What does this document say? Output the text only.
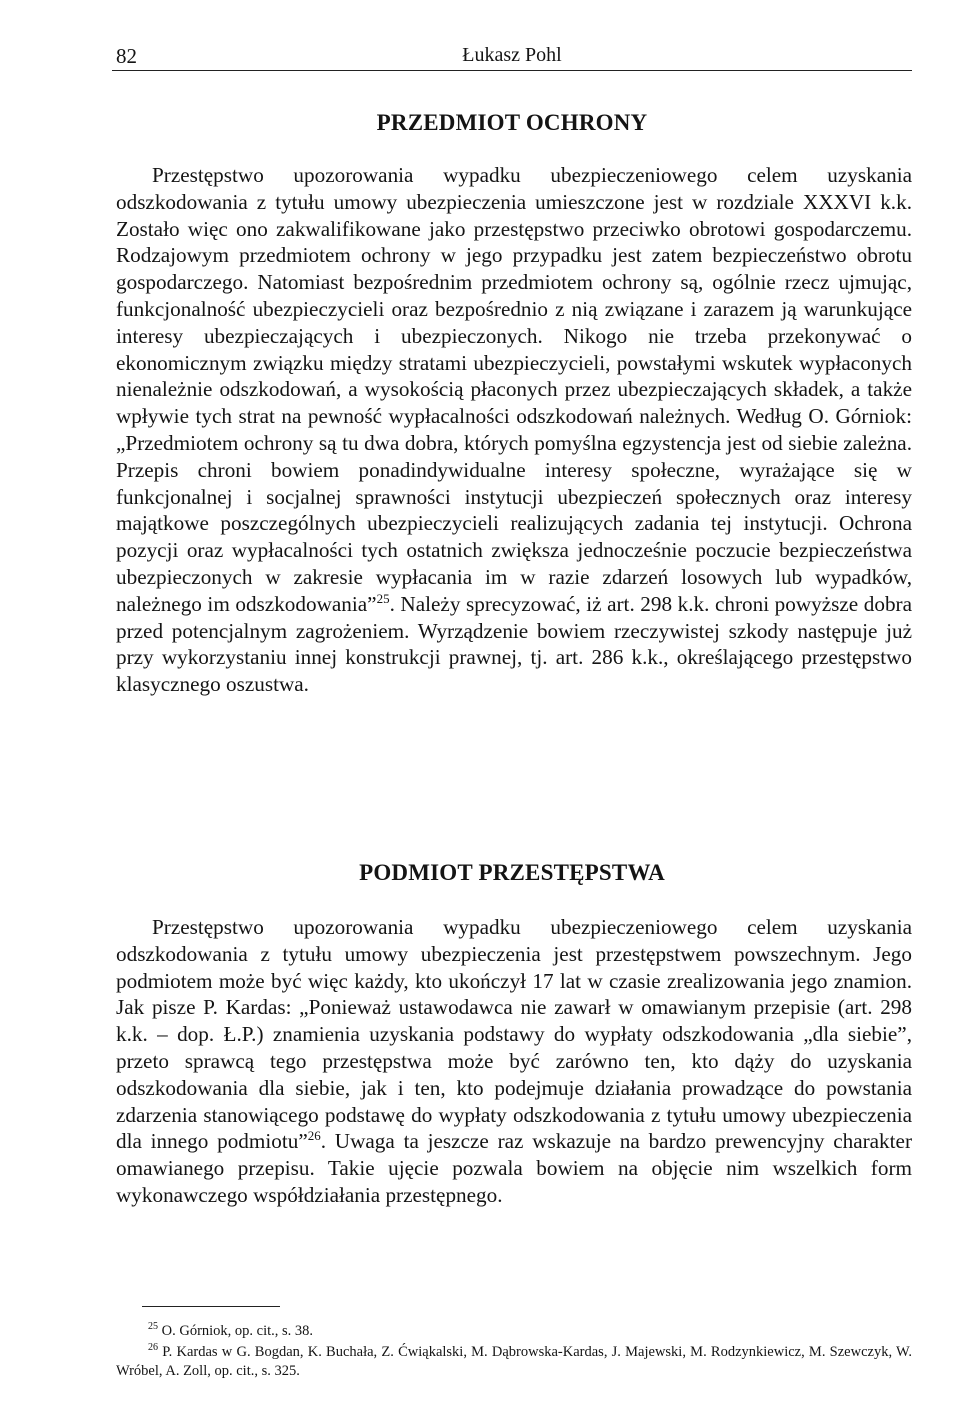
82	Łukasz Pohl
PRZEDMIOT OCHRONY

Przestępstwo upozorowania wypadku ubezpieczeniowego celem uzyskania odszkodowania z tytułu umowy ubezpieczenia umieszczone jest w rozdziale XXXVI k.k. Zostało więc ono zakwalifikowane jako przestępstwo przeciwko obrotowi gospodarczemu. Rodzajowym przedmiotem ochrony w jego przypadku jest zatem bezpieczeństwo obrotu gospodarczego. Natomiast bezpośrednim przedmiotem ochrony są, ogólnie rzecz ujmując, funkcjonalność ubezpieczycieli oraz bezpośrednio z nią związane i zarazem ją warunkujące interesy ubezpieczających i ubezpieczonych. Nikogo nie trzeba przekonywać o ekonomicznym związku między stratami ubezpieczycieli, powstałymi wskutek wypłaconych nienależnie odszkodowań, a wysokością płaconych przez ubezpieczających składek, a także wpływie tych strat na pewność wypłacalności odszkodowań należnych. Według O. Górniok: „Przedmiotem ochrony są tu dwa dobra, których pomyślna egzystencja jest od siebie zależna. Przepis chroni bowiem ponadindywidualne interesy społeczne, wyrażające się w funkcjonalnej i socjalnej sprawności instytucji ubezpieczeń społecznych oraz interesy majątkowe poszczególnych ubezpieczycieli realizujących zadania tej instytucji. Ochrona pozycji oraz wypłacalności tych ostatnich zwiększa jednocześnie poczucie bezpieczeństwa ubezpieczonych w zakresie wypłacania im w razie zdarzeń losowych lub wypadków, należnego im odszkodowania”$^{25}$. Należy sprecyzować, iż art. 298 k.k. chroni powyższe dobra przed potencjalnym zagrożeniem. Wyrządzenie bowiem rzeczywistej szkody następuje już przy wykorzystaniu innej konstrukcji prawnej, tj. art. 286 k.k., określającego przestępstwo klasycznego oszustwa.

PODMIOT PRZESTĘPSTWA

Przestępstwo upozorowania wypadku ubezpieczeniowego celem uzyskania odszkodowania z tytułu umowy ubezpieczenia jest przestępstwem powszechnym. Jego podmiotem może być więc każdy, kto ukończył 17 lat w czasie zrealizowania jego znamion. Jak pisze P. Kardas: „Ponieważ ustawodawca nie zawarł w omawianym przepisie (art. 298 k.k. – dop. Ł.P.) znamienia uzyskania podstawy do wypłaty odszkodowania „dla siebie”, przeto sprawcą tego przestępstwa może być zarówno ten, kto dąży do uzyskania odszkodowania dla siebie, jak i ten, kto podejmuje działania prowadzące do powstania zdarzenia stanowiącego podstawę do wypłaty odszkodowania z tytułu umowy ubezpieczenia dla innego podmiotu”$^{26}$. Uwaga ta jeszcze raz wskazuje na bardzo prewencyjny charakter omawianego przepisu. Takie ujęcie pozwala bowiem na objęcie nim wszelkich form wykonawczego współdziałania przestępnego.

$^{25}$ O. Górniok, op. cit., s. 38.

$^{26}$ P. Kardas w G. Bogdan, K. Buchała, Z. Ćwiąkalski, M. Dąbrowska-Kardas, J. Majewski, M. Rodzynkiewicz, M. Szewczyk, W. Wróbel, A. Zoll, op. cit., s. 325.
